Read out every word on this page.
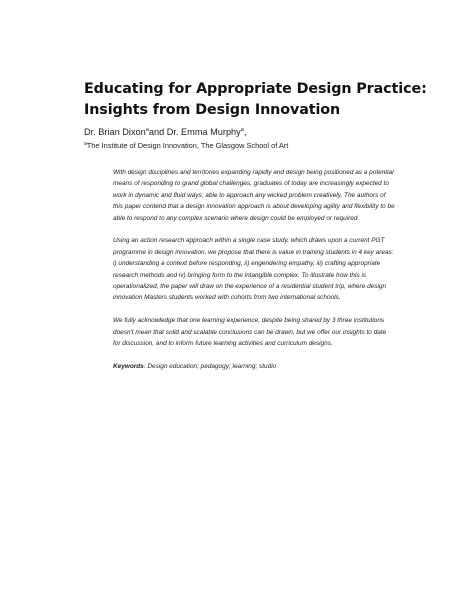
Educating for Appropriate Design Practice:
Insights from Design Innovation
Dr. Brian Dixon$^a$and Dr. Emma Murphy$^a$,
$^a$The Institute of Design Innovation, The Glasgow School of Art

With design disciplines and territories expanding rapidly and design being positioned as a potential means of responding to grand global challenges, graduates of today are increasingly expected to work in dynamic and fluid ways; able to approach any wicked problem creatively. The authors of this paper contend that a design innovation approach is about developing agility and flexibility to be able to respond to any complex scenario where design could be employed or required.

Using an action research approach within a single case study, which draws upon a current PGT programme in design innovation, we propose that there is value in training students in 4 key areas: i) understanding a context before responding, ii) engendering empathy, iii) crafting appropriate research methods and iv) bringing form to the intangible complex. To illustrate how this is operationalized, the paper will draw on the experience of a residential student trip, where design innovation Masters students worked with cohorts from two international schools.

We fully acknowledge that one learning experience, despite being shared by 3 three institutions doesn't mean that solid and scalable conclusions can be drawn, but we offer our insights to date for discussion, and to inform future learning activities and curriculum designs.

Keywords: Design education; pedagogy; learning; studio
